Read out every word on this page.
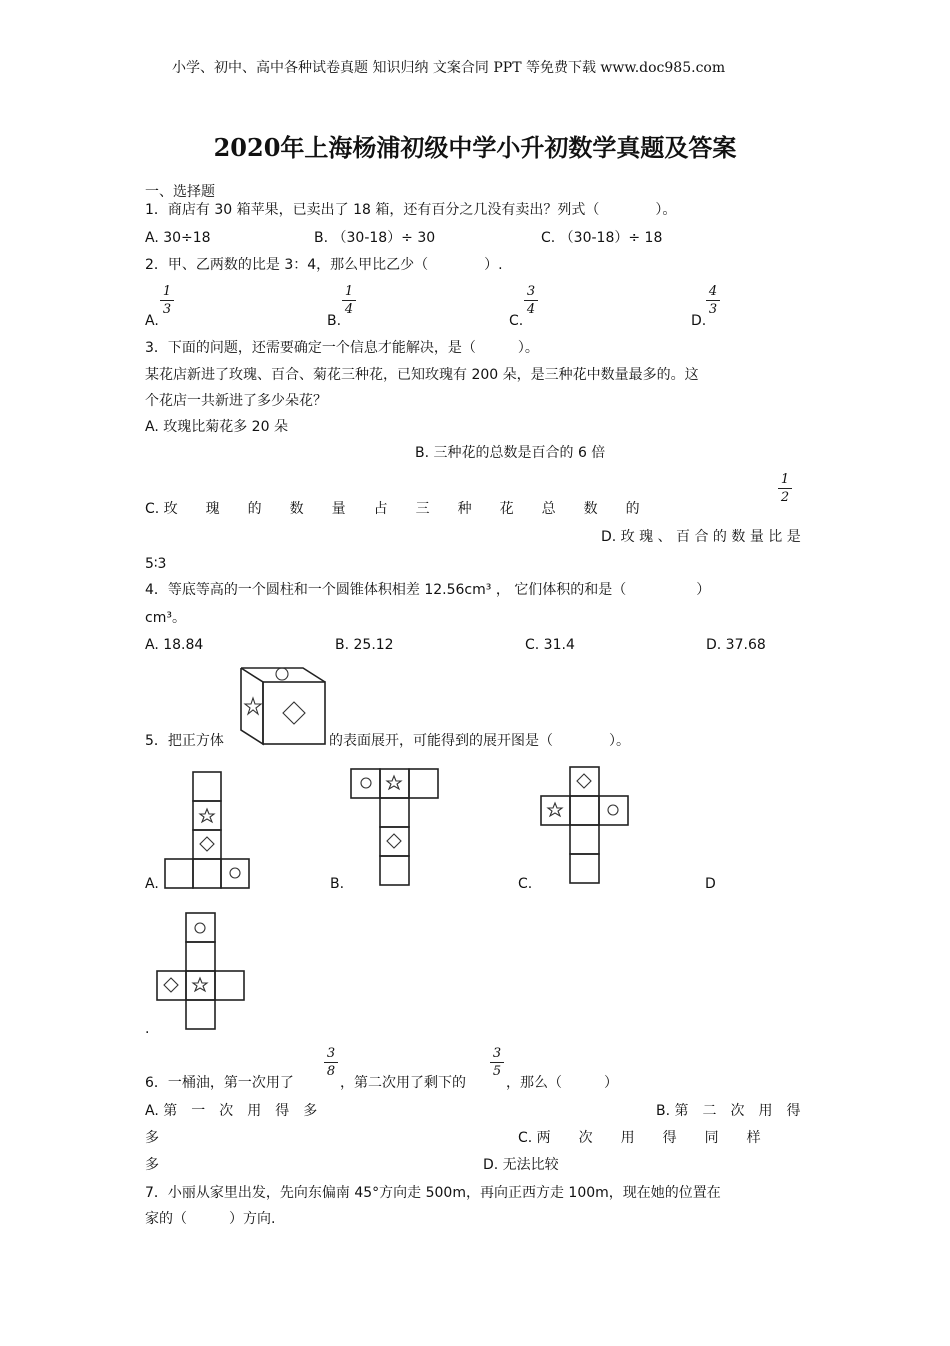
小学、初中、高中各种试卷真题 知识归纳 文案合同 PPT 等免费下载 www.doc985.com
2020年上海杨浦初级中学小升初数学真题及答案
一、选择题
1．商店有 30 箱苹果，已卖出了 18 箱，还有百分之几没有卖出？列式（　　　　）。
A. 30÷18	B. （30-18）÷ 30	C. （30-18）÷ 18
2．甲、乙两数的比是 3：4，那么甲比乙少（　　　　）.
A.
1
3
B.
1
4
C.
3
4
D.
4
3
3．下面的问题，还需要确定一个信息才能解决，是（　　　）。
某花店新进了玫瑰、百合、菊花三种花，已知玫瑰有 200 朵，是三种花中数量最多的。这
个花店一共新进了多少朵花？
A. 玫瑰比菊花多 20 朵
B. 三种花的总数是百合的 6 倍
C. 玫　　瑰　　的　　数　　量　　占　　三　　种　　花　　总　　数　　的
1
2
D. 玫 瑰 、 百 合 的 数 量 比 是
5∶3
4．等底等高的一个圆柱和一个圆锥体积相差 12.56cm³ ， 它们体积的和是（　　　　　）
cm³。
A. 18.84	B. 25.12	C. 31.4	D. 37.68
5．把正方体	的表面展开，可能得到的展开图是（　　　　）。
A.	B.	C.	D
.
6．一桶油，第一次用了
3
8
，第二次用了剩下的
3
5
，那么（　　　）
A. 第　一　次　用　得　多	B. 第　二　次　用　得
多	C. 两　　次　　用　　得　　同　　样
多	D. 无法比较
7．小丽从家里出发，先向东偏南 45°方向走 500m，再向正西方走 100m，现在她的位置在
家的（　　　）方向.
